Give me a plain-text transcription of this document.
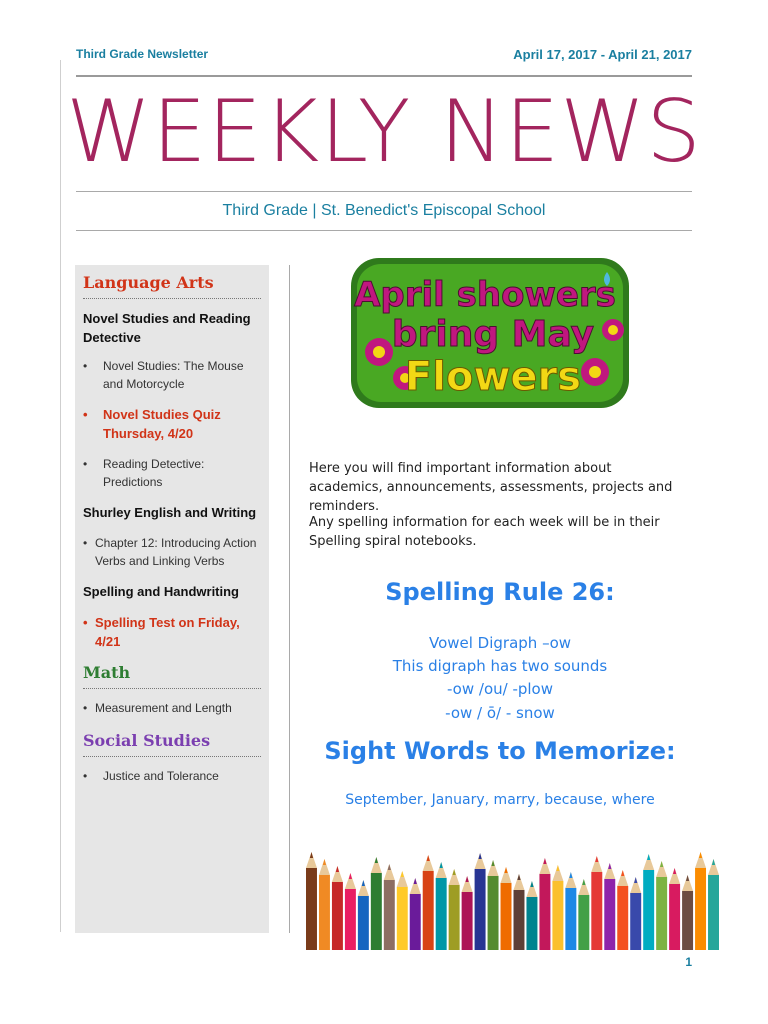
Third Grade Newsletter	April 17, 2017 - April 21, 2017
WEEKLY NEWS
Third Grade | St. Benedict's Episcopal School
Language Arts
Novel Studies and Reading Detective
• Novel Studies: The Mouse and Motorcycle
• Novel Studies Quiz Thursday, 4/20
• Reading Detective: Predictions
Shurley English and Writing
• Chapter 12: Introducing Action Verbs and Linking Verbs
Spelling and Handwriting
• Spelling Test on Friday, 4/21
Math
• Measurement and Length
Social Studies
• Justice and Tolerance
April showers
bring May
Flowers
Here you will find important information about academics, announcements, assessments, projects and reminders.
Any spelling information for each week will be in their Spelling spiral notebooks.
Spelling Rule 26:
Vowel Digraph –ow
This digraph has two sounds
-ow /ou/ -plow
-ow / ō/ - snow
Sight Words to Memorize:
September, January, marry, because, where
1
